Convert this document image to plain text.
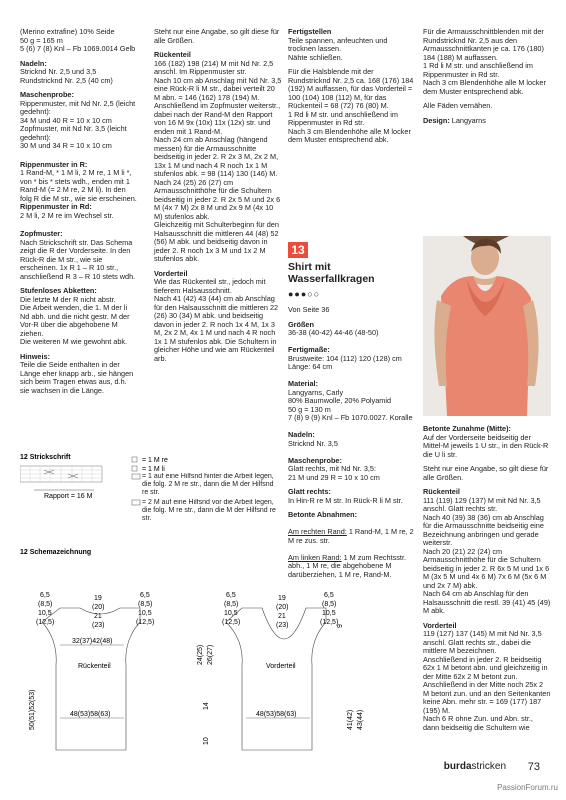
(Merino extrafine) 10% Seide
50 g = 165 m
5 (6) 7 (8) Knl – Fb 1069.0014 Gelb

Nadeln:
Stricknd Nr. 2,5 und 3,5
Rundstricknd Nr. 2,5 (40 cm)

Maschenprobe:
Rippenmuster, mit Nd Nr. 2,5 (leicht gedehnt):
34 M und 40 R = 10 x 10 cm
Zopfmuster, mit Nd Nr. 3,5 (leicht gedehnt):
30 M und 34 R = 10 x 10 cm

Rippenmuster in R:
1 Rand-M, * 1 M li, 2 M re, 1 M li *, von * bis * stets wdh., enden mit 1 Rand-M (= 2 M re, 2 M li). In den folg R die M str., wie sie erscheinen.

Rippenmuster in Rd:
2 M li, 2 M re im Wechsel str.

Zopfmuster:
Nach Strickschrift str. Das Schema zeigt die R der Vorderseite. In den Rück-R die M str., wie sie erscheinen. 1x R 1 – R 10 str., anschließend R 3 – R 10 stets wdh.

Stufenloses Abketten:
Die letzte M der R nicht abstr.
Die Arbeit wenden, die 1. M der li Nd abh. und die nicht gestr. M der Vor-R über die abgehobene M ziehen.
Die weiteren M wie gewohnt abk.

Hinweis:
Teile die Seide enthalten in der Länge eher knapp arb., sie hängen sich beim Tragen etwas aus, d.h. sie wachsen in die Länge.

Steht nur eine Angabe, so gilt diese für alle Größen.

Rückenteil
166 (182) 198 (214) M mit Nd Nr. 2,5 anschl. Im Rippenmuster str.
Nach 10 cm ab Anschlag mit Nd Nr. 3,5 eine Rück-R li M str., dabei verteilt 20 M abn. = 146 (162) 178 (194) M.
Anschließend im Zopfmuster weiterstr., dabei nach der Rand-M den Rapport von 16 M 9x (10x) 11x (12x) str. und enden mit 1 Rand-M.
Nach 24 cm ab Anschlag (hängend messen) für die Armausschnitte beidseitig in jeder 2. R 2x 3 M, 2x 2 M, 13x 1 M und nach 4 R noch 1x 1 M stufenlos abk. = 98 (114) 130 (146) M.
Nach 24 (25) 26 (27) cm Armausschnitthöhe für die Schultern beidseitig in jeder 2. R 2x 5 M und 2x 6 M (4x 7 M) 2x 8 M und 2x 9 M (4x 10 M) stufenlos abk.
Gleichzeitig mit Schulterbeginn für den Halsausschnitt die mittleren 44 (48) 52 (56) M abk. und beidseitig davon in jeder 2. R noch 1x 3 M und 1x 2 M stufenlos abk.

Vorderteil
Wie das Rückenteil str., jedoch mit tieferem Halsausschnitt.
Nach 41 (42) 43 (44) cm ab Anschlag für den Halsausschnitt die mittleren 22 (26) 30 (34) M abk. und beidseitig davon in jeder 2. R noch 1x 4 M, 1x 3 M, 2x 2 M, 4x 1 M und nach 4 R noch 1x 1 M stufenlos abk. Die Schultern in gleicher Höhe und wie am Rückenteil arb.

Fertigstellen
Teile spannen, anfeuchten und trocknen lassen.
Nähte schließen.

Für die Halsblende mit der Rundstricknd Nr. 2,5 ca. 168 (176) 184 (192) M auffassen, für das Vorderteil = 100 (104) 108 (112) M, für das Rückenteil = 68 (72) 76 (80) M.
1 Rd li M str. und anschließend im Rippenmuster in Rd str.
Nach 3 cm Blendenhöhe alle M locker dem Muster entsprechend abk.

Für die Armausschnittblenden mit der Rundstricknd Nr. 2,5 aus den Armausschnittkanten je ca. 176 (180) 184 (188) M auffassen.
1 Rd li M str. und anschließend im Rippenmuster in Rd str.
Nach 3 cm Blendenhöhe alle M locker dem Muster entsprechend abk.

Alle Fäden vernähen.

Design: Langyarns

13
Shirt mit
Wasserfallkragen
●●●○○

Von Seite 36

Größen
36-38 (40-42) 44-46 (48-50)

Fertigmaße:
Brustweite: 104 (112) 120 (128) cm
Länge: 64 cm

Material:
Langyarns, Carly
80% Baumwolle, 20% Polyamid
50 g = 130 m
7 (8) 9 (9) Knl – Fb 1070.0027. Koralle

Nadeln:
Stricknd Nr. 3,5

Maschenprobe:
Glatt rechts, mit Nd Nr. 3,5:
21 M und 29 R = 10 x 10 cm

Glatt rechts:
In Hin-R re M str. In Rück-R li M str.

Betonte Abnahmen:

Am rechten Rand: 1 Rand-M, 1 M re, 2 M re zus. str.

Am linken Rand: 1 M zum Rechtsstr. abh., 1 M re, die abgehobene M darüberziehen, 1 M re, Rand-M.

Betonte Zunahme (Mitte):
Auf der Vorderseite beidseitig der Mittel-M jeweils 1 U str., in den Rück-R die U li str.

Steht nur eine Angabe, so gilt diese für alle Größen.

Rückenteil
111 (119) 129 (137) M mit Nd Nr. 3,5 anschl. Glatt rechts str.
Nach 40 (39) 38 (36) cm ab Anschlag für die Armausschnitte beidseitig eine Bezeichnung anbringen und gerade weiterstr.
Nach 20 (21) 22 (24) cm Armausschnitthöhe für die Schultern beidseitig in jeder 2. R 6x 5 M und 1x 6 M (3x 5 M und 4x 6 M) 7x 6 M (5x 6 M und 2x 7 M) abk.
Nach 64 cm ab Anschlag für den Halsausschnitt die restl. 39 (41) 45 (49) M abk.

Vorderteil
119 (127) 137 (145) M mit Nd Nr. 3,5 anschl. Glatt rechts str., dabei die mittlere M bezeichnen.
Anschließend in jeder 2. R beidseitig 62x 1 M betont abn. und gleichzeitig in der Mitte 62x 2 M betont zun.
Anschließend in der Mitte noch 25x 2 M betont zun. und an den Seitenkanten keine Abn. mehr str. = 169 (177) 187 (195) M.
Nach 6 R ohne Zun. und Abn. str., dann beidseitig die Schultern wie

12 Strickschrift
Rapport = 16 M
= 1 M re
= 1 M li
= 1 auf eine Hilfsnd hinter die Arbeit legen, die folg. 2 M re str., dann die M der Hilfsnd re str.
= 2 M auf eine Hilfsnd vor die Arbeit legen, die folg. M re str., dann die M der Hilfsnd re str.
12 Schemazeichnung
6,5
(8,5)
10,5
(12,5)
19
(20)
21
(23)
6,5
(8,5)
10,5
(12,5)
32(37)42(48)
Rückenteil
48(53)58(63)
50(51)52(53)
24(25) 26(27)
14
10
6,5
(8,5)
10,5
(12,5)
19
(20)
21
(23)
6,5
(8,5)
10,5
(12,5)
Vorderteil
48(53)58(63)
9
41(42) 43(44)
burdastricken 73
PassionForum.ru
